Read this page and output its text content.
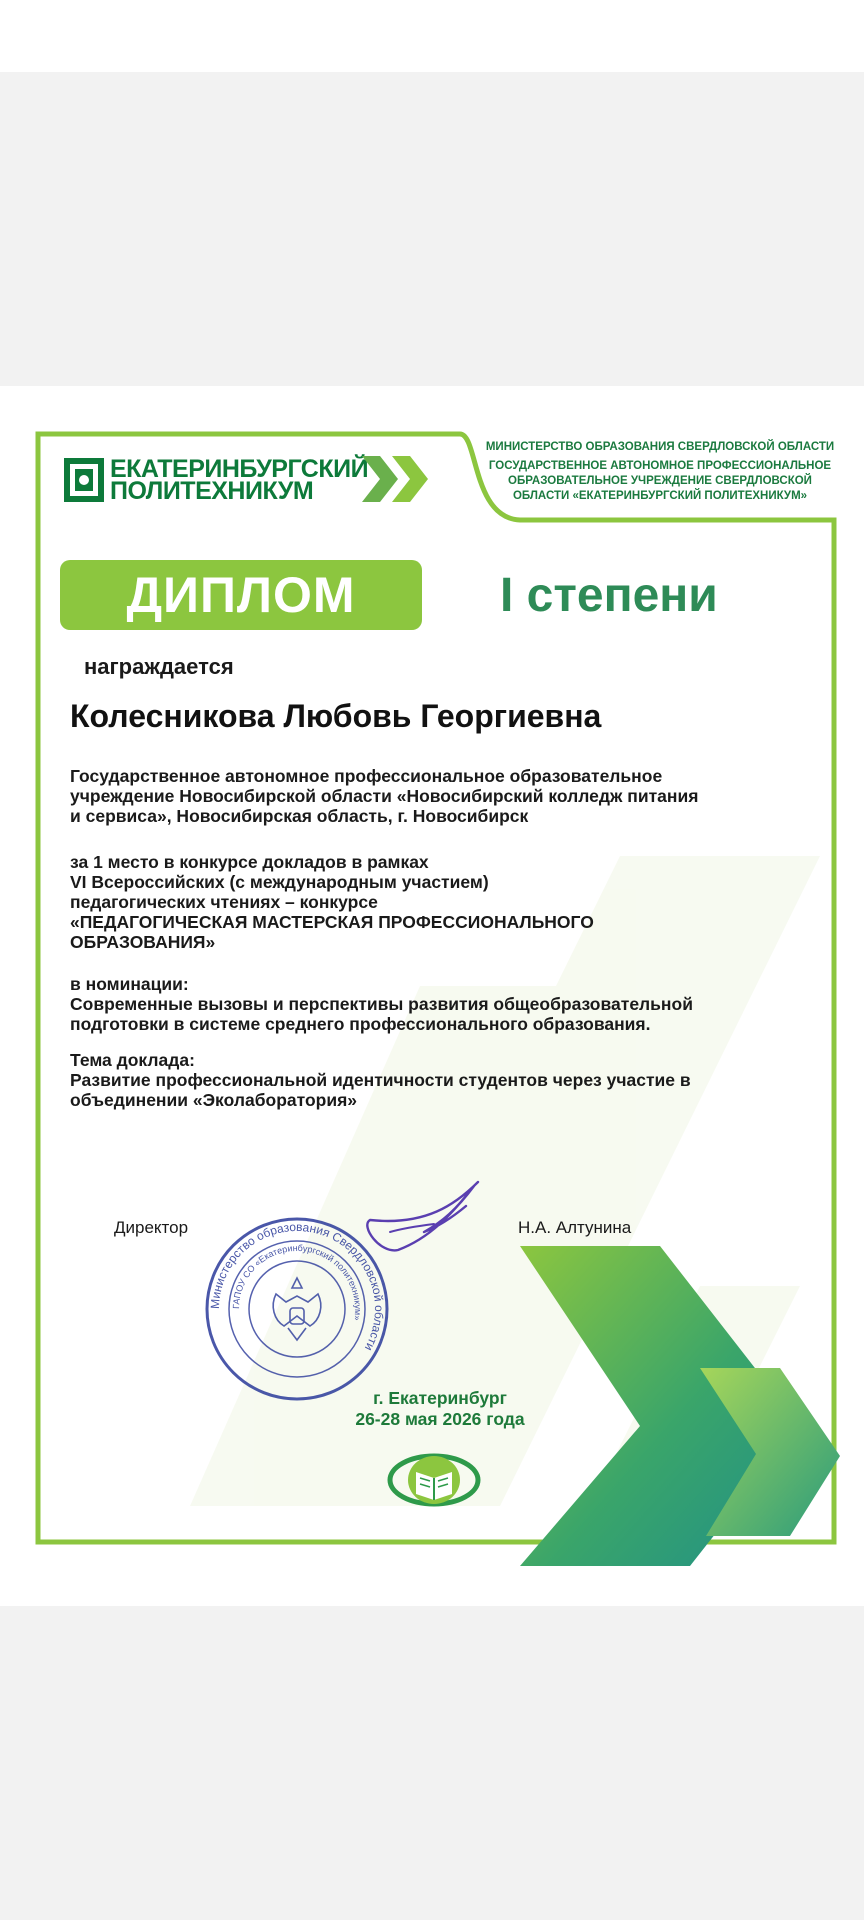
ЕКАТЕРИНБУРГСКИЙ
ПОЛИТЕХНИКУМ
МИНИСТЕРСТВО ОБРАЗОВАНИЯ СВЕРДЛОВСКОЙ ОБЛАСТИ
ГОСУДАРСТВЕННОЕ АВТОНОМНОЕ ПРОФЕССИОНАЛЬНОЕ ОБРАЗОВАТЕЛЬНОЕ УЧРЕЖДЕНИЕ СВЕРДЛОВСКОЙ ОБЛАСТИ «ЕКАТЕРИНБУРГСКИЙ ПОЛИТЕХНИКУМ»
ДИПЛОМ	I степени
награждается
Колесникова Любовь Георгиевна
Государственное автономное профессиональное образовательное
учреждение Новосибирской области «Новосибирский колледж питания
и сервиса», Новосибирская область, г. Новосибирск
за 1 место в конкурсе докладов в рамках
VI Всероссийских (с международным участием)
педагогических чтениях – конкурсе
«ПЕДАГОГИЧЕСКАЯ МАСТЕРСКАЯ ПРОФЕССИОНАЛЬНОГО
ОБРАЗОВАНИЯ»
в номинации:
Современные вызовы и перспективы развития общеобразовательной
подготовки в системе среднего профессионального образования.
Тема доклада:
Развитие профессиональной идентичности студентов через участие в
объединении «Эколаборатория»
Директор	Н.А. Алтунина
Министерство образования Свердловской области
ГАПОУ СО «Екатеринбургский политехникум»
г. Екатеринбург
26-28 мая 2026 года
